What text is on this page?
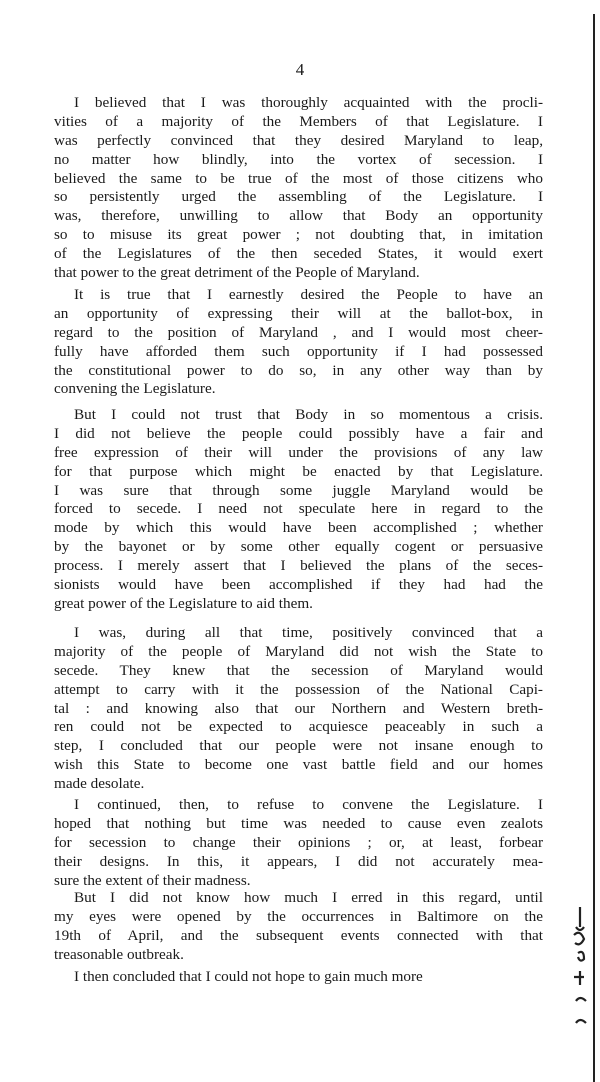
4
I believed that I was thoroughly acquainted with the procli-
vities of a majority of the Members of that Legislature. I
was perfectly convinced that they desired Maryland to leap,
no matter how blindly, into the vortex of secession. I
believed the same to be true of the most of those citizens who
so persistently urged the assembling of the Legislature. I
was, therefore, unwilling to allow that Body an opportunity
so to misuse its great power ; not doubting that, in imitation
of the Legislatures of the then seceded States, it would exert
that power to the great detriment of the People of Maryland.
It is true that I earnestly desired the People to have an
an opportunity of expressing their will at the ballot-box, in
regard to the position of Maryland , and I would most cheer-
fully have afforded them such opportunity if I had possessed
the constitutional power to do so, in any other way than by
convening the Legislature.
But I could not trust that Body in so momentous a crisis.
I did not believe the people could possibly have a fair and
free expression of their will under the provisions of any law
for that purpose which might be enacted by that Legislature.
I was sure that through some juggle Maryland would be
forced to secede. I need not speculate here in regard to the
mode by which this would have been accomplished ; whether
by the bayonet or by some other equally cogent or persuasive
process. I merely assert that I believed the plans of the seces-
sionists would have been accomplished if they had had the
great power of the Legislature to aid them.
I was, during all that time, positively convinced that a
majority of the people of Maryland did not wish the State to
secede. They knew that the secession of Maryland would
attempt to carry with it the possession of the National Capi-
tal : and knowing also that our Northern and Western breth-
ren could not be expected to acquiesce peaceably in such a
step, I concluded that our people were not insane enough to
wish this State to become one vast battle field and our homes
made desolate.
I continued, then, to refuse to convene the Legislature. I
hoped that nothing but time was needed to cause even zealots
for secession to change their opinions ; or, at least, forbear
their designs. In this, it appears, I did not accurately mea-
sure the extent of their madness.
But I did not know how much I erred in this regard, until
my eyes were opened by the occurrences in Baltimore on the
19th of April, and the subsequent events connected with that
treasonable outbreak.
I then concluded that I could not hope to gain much more
